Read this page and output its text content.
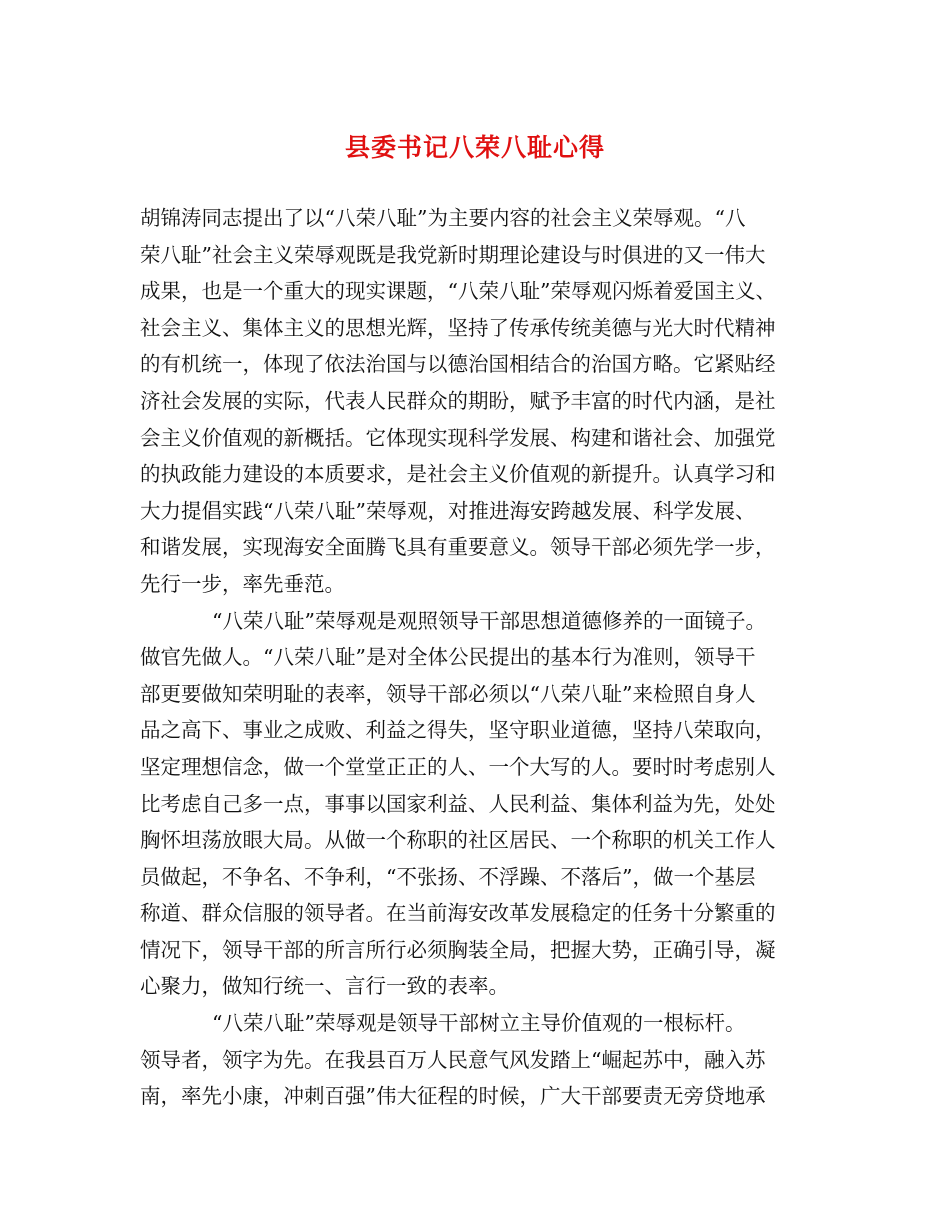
县委书记八荣八耻心得

胡锦涛同志提出了以“八荣八耻”为主要内容的社会主义荣辱观。“八

荣八耻”社会主义荣辱观既是我党新时期理论建设与时俱进的又一伟大

成果，也是一个重大的现实课题，“八荣八耻”荣辱观闪烁着爱国主义、

社会主义、集体主义的思想光辉，坚持了传承传统美德与光大时代精神

的有机统一，体现了依法治国与以德治国相结合的治国方略。它紧贴经

济社会发展的实际，代表人民群众的期盼，赋予丰富的时代内涵，是社

会主义价值观的新概括。它体现实现科学发展、构建和谐社会、加强党

的执政能力建设的本质要求，是社会主义价值观的新提升。认真学习和

大力提倡实践“八荣八耻”荣辱观，对推进海安跨越发展、科学发展、

和谐发展，实现海安全面腾飞具有重要意义。领导干部必须先学一步，

先行一步，率先垂范。

“八荣八耻”荣辱观是观照领导干部思想道德修养的一面镜子。

做官先做人。“八荣八耻”是对全体公民提出的基本行为准则，领导干

部更要做知荣明耻的表率，领导干部必须以“八荣八耻”来检照自身人

品之高下、事业之成败、利益之得失，坚守职业道德，坚持八荣取向，

坚定理想信念，做一个堂堂正正的人、一个大写的人。要时时考虑别人

比考虑自己多一点，事事以国家利益、人民利益、集体利益为先，处处

胸怀坦荡放眼大局。从做一个称职的社区居民、一个称职的机关工作人

员做起，不争名、不争利，“不张扬、不浮躁、不落后”，做一个基层

称道、群众信服的领导者。在当前海安改革发展稳定的任务十分繁重的

情况下，领导干部的所言所行必须胸装全局，把握大势，正确引导，凝

心聚力，做知行统一、言行一致的表率。

“八荣八耻”荣辱观是领导干部树立主导价值观的一根标杆。

领导者，领字为先。在我县百万人民意气风发踏上“崛起苏中，融入苏

南，率先小康，冲刺百强”伟大征程的时候，广大干部要责无旁贷地承
